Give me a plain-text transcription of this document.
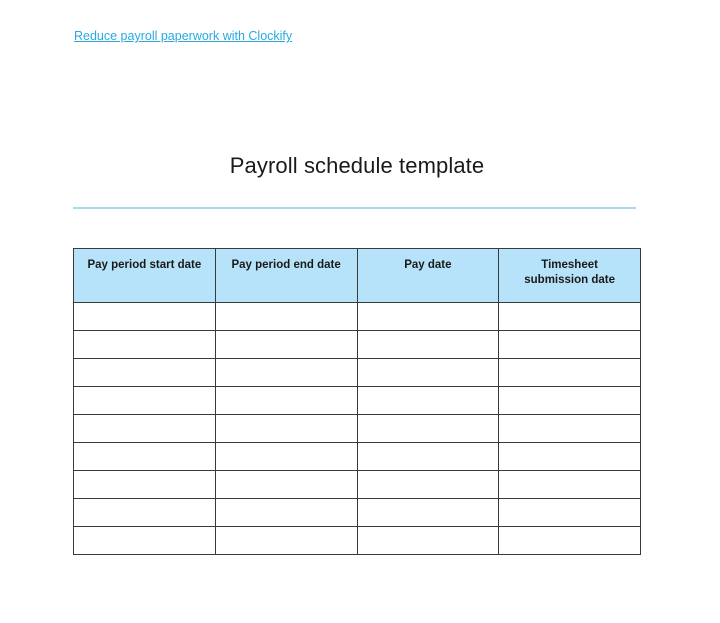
Reduce payroll paperwork with Clockify
Payroll schedule template
Pay period start date	Pay period end date	Pay date	Timesheet submission date
